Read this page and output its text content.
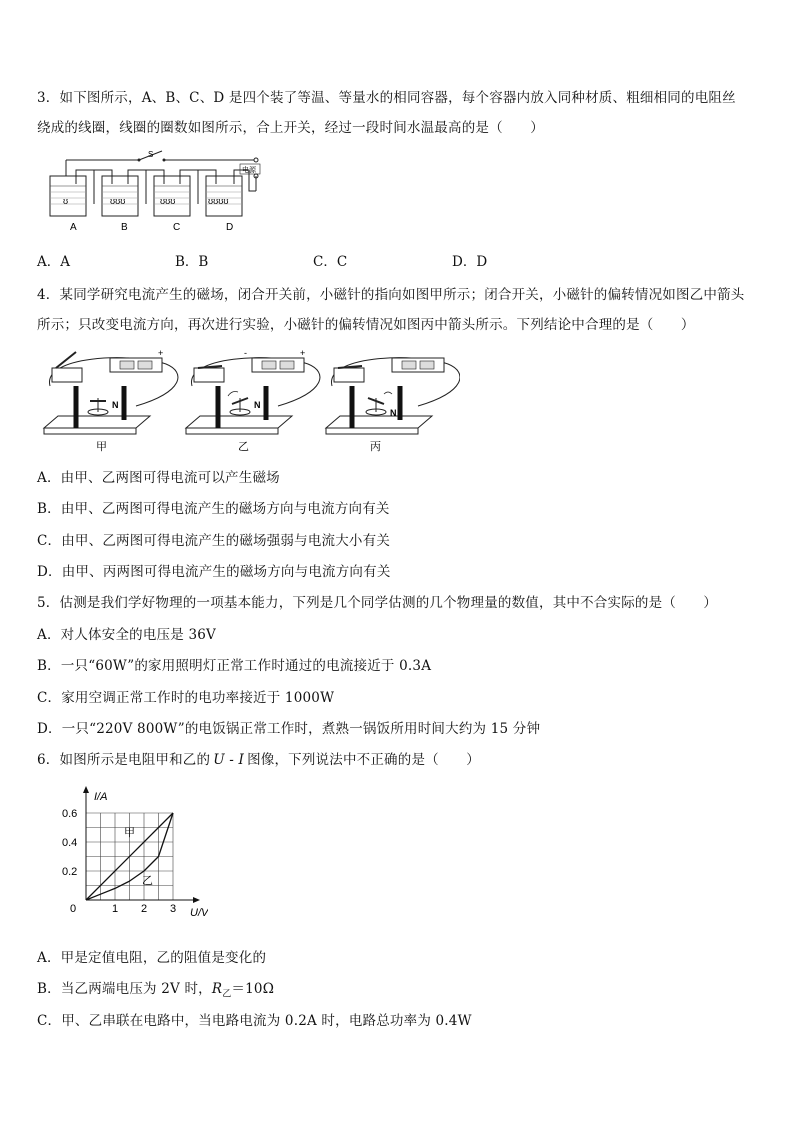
3．如下图所示，A、B、C、D 是四个装了等温、等量水的相同容器，每个容器内放入同种材质、粗细相同的电阻丝
绕成的线圈，线圈的圈数如图所示，合上开关，经过一段时间水温最高的是（　　）
S
电源
ʊ	ʊʊʊ	ʊʊʊ	ʊʊʊʊ
A	B	C	D
A．A	B．B	C．C	D．D
4．某同学研究电流产生的磁场，闭合开关前，小磁针的指向如图甲所示；闭合开关，小磁针的偏转情况如图乙中箭头
所示；只改变电流方向，再次进行实验，小磁针的偏转情况如图丙中箭头所示。下列结论中合理的是（　　）
+
N
甲
+
-
N
乙
N
丙
A．由甲、乙两图可得电流可以产生磁场
B．由甲、乙两图可得电流产生的磁场方向与电流方向有关
C．由甲、乙两图可得电流产生的磁场强弱与电流大小有关
D．由甲、丙两图可得电流产生的磁场方向与电流方向有关
5．估测是我们学好物理的一项基本能力，下列是几个同学估测的几个物理量的数值，其中不合实际的是（　　）
A．对人体安全的电压是 36V
B．一只“60W”的家用照明灯正常工作时通过的电流接近于 0.3A
C．家用空调正常工作时的电功率接近于 1000W
D．一只“220V 800W”的电饭锅正常工作时，煮熟一锅饭所用时间大约为 15 分钟
6．如图所示是电阻甲和乙的 U - I 图像，下列说法中不正确的是（　　）
I/A
U/V
0	1 2 3
0.2
0.4
0.6
甲
乙
A．甲是定值电阻，乙的阻值是变化的
B．当乙两端电压为 2V 时，$R_乙=10\Omega$
C．甲、乙串联在电路中，当电路电流为 0.2A 时，电路总功率为 0.4W
